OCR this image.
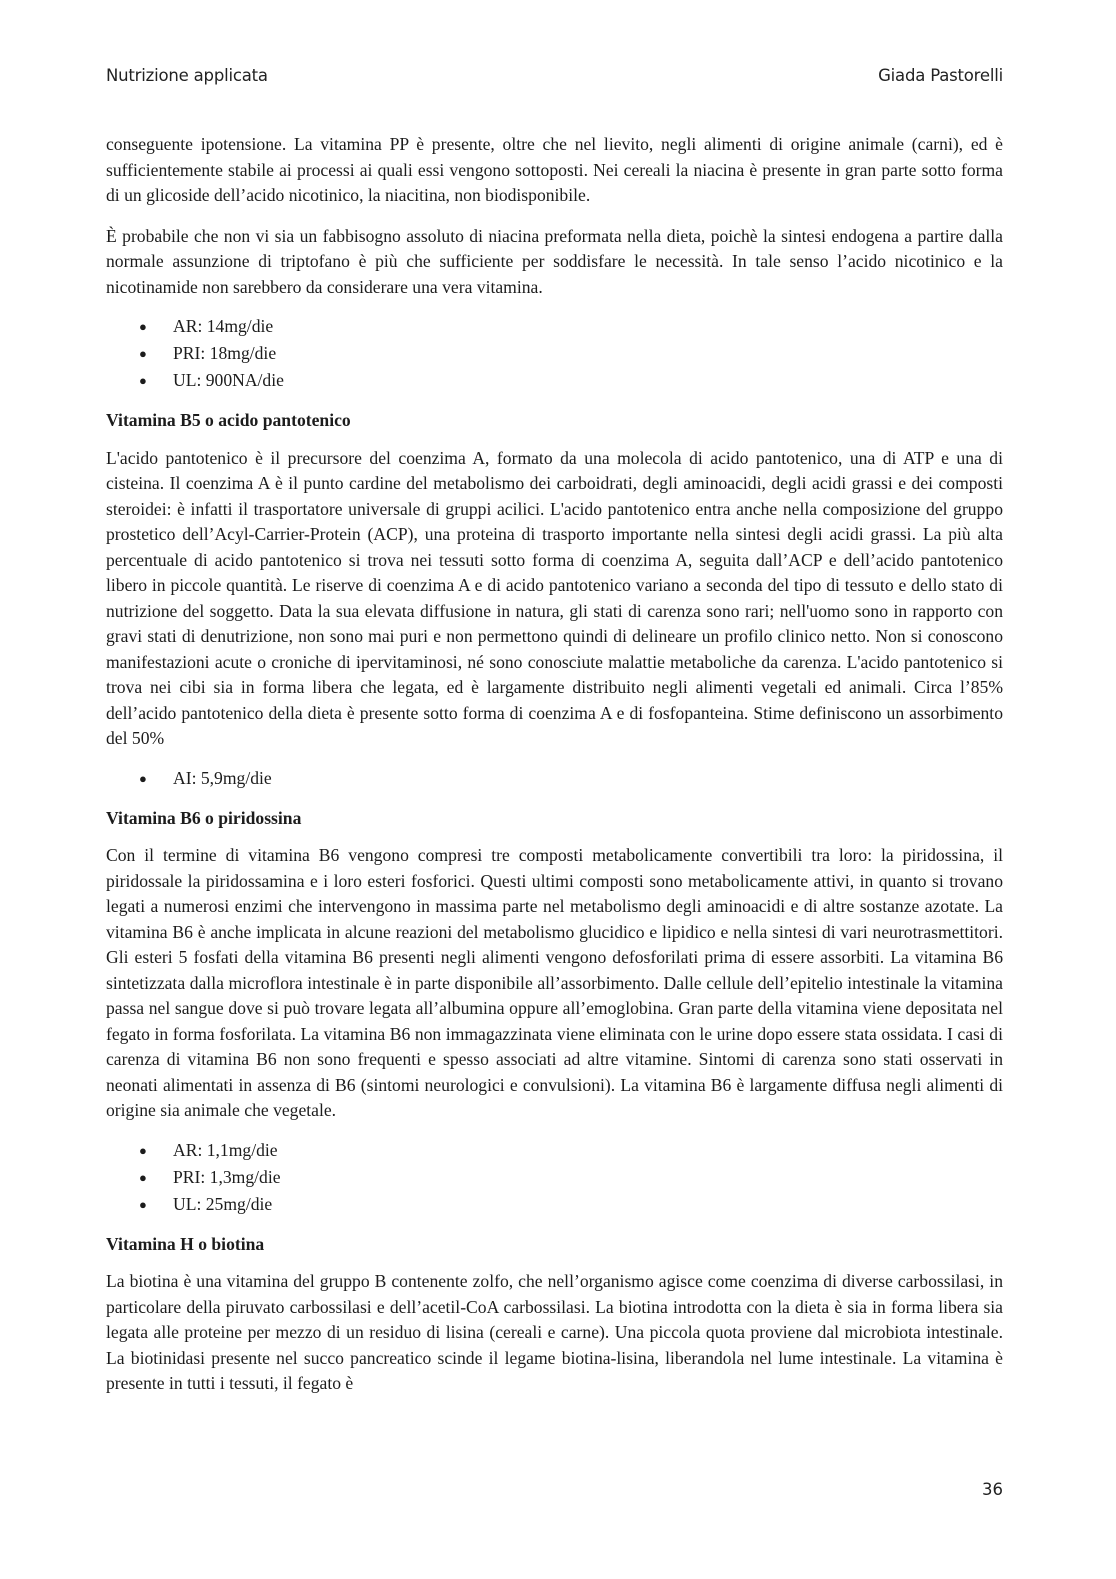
Nutrizione applicata	Giada Pastorelli

conseguente ipotensione. La vitamina PP è presente, oltre che nel lievito, negli alimenti di origine animale (carni), ed è sufficientemente stabile ai processi ai quali essi vengono sottoposti. Nei cereali la niacina è presente in gran parte sotto forma di un glicoside dell’acido nicotinico, la niacitina, non biodisponibile.

È probabile che non vi sia un fabbisogno assoluto di niacina preformata nella dieta, poichè la sintesi endogena a partire dalla normale assunzione di triptofano è più che sufficiente per soddisfare le necessità. In tale senso l’acido nicotinico e la nicotinamide non sarebbero da considerare una vera vitamina.

● AR: 14mg/die
● PRI: 18mg/die
● UL: 900NA/die
Vitamina B5 o acido pantotenico

L'acido pantotenico è il precursore del coenzima A, formato da una molecola di acido pantotenico, una di ATP e una di cisteina. Il coenzima A è il punto cardine del metabolismo dei carboidrati, degli aminoacidi, degli acidi grassi e dei composti steroidei: è infatti il trasportatore universale di gruppi acilici. L'acido pantotenico entra anche nella composizione del gruppo prostetico dell’Acyl-Carrier-Protein (ACP), una proteina di trasporto importante nella sintesi degli acidi grassi. La più alta percentuale di acido pantotenico si trova nei tessuti sotto forma di coenzima A, seguita dall’ACP e dell’acido pantotenico libero in piccole quantità. Le riserve di coenzima A e di acido pantotenico variano a seconda del tipo di tessuto e dello stato di nutrizione del soggetto. Data la sua elevata diffusione in natura, gli stati di carenza sono rari; nell'uomo sono in rapporto con gravi stati di denutrizione, non sono mai puri e non permettono quindi di delineare un profilo clinico netto. Non si conoscono manifestazioni acute o croniche di ipervitaminosi, né sono conosciute malattie metaboliche da carenza. L'acido pantotenico si trova nei cibi sia in forma libera che legata, ed è largamente distribuito negli alimenti vegetali ed animali. Circa l’85% dell’acido pantotenico della dieta è presente sotto forma di coenzima A e di fosfopanteina. Stime definiscono un assorbimento del 50%

● AI: 5,9mg/die
Vitamina B6 o piridossina

Con il termine di vitamina B6 vengono compresi tre composti metabolicamente convertibili tra loro: la piridossina, il piridossale la piridossamina e i loro esteri fosforici. Questi ultimi composti sono metabolicamente attivi, in quanto si trovano legati a numerosi enzimi che intervengono in massima parte nel metabolismo degli aminoacidi e di altre sostanze azotate. La vitamina B6 è anche implicata in alcune reazioni del metabolismo glucidico e lipidico e nella sintesi di vari neurotrasmettitori. Gli esteri 5 fosfati della vitamina B6 presenti negli alimenti vengono defosforilati prima di essere assorbiti. La vitamina B6 sintetizzata dalla microflora intestinale è in parte disponibile all’assorbimento. Dalle cellule dell’epitelio intestinale la vitamina passa nel sangue dove si può trovare legata all’albumina oppure all’emoglobina. Gran parte della vitamina viene depositata nel fegato in forma fosforilata. La vitamina B6 non immagazzinata viene eliminata con le urine dopo essere stata ossidata. I casi di carenza di vitamina B6 non sono frequenti e spesso associati ad altre vitamine. Sintomi di carenza sono stati osservati in neonati alimentati in assenza di B6 (sintomi neurologici e convulsioni). La vitamina B6 è largamente diffusa negli alimenti di origine sia animale che vegetale.

● AR: 1,1mg/die
● PRI: 1,3mg/die
● UL: 25mg/die
Vitamina H o biotina

La biotina è una vitamina del gruppo B contenente zolfo, che nell’organismo agisce come coenzima di diverse carbossilasi, in particolare della piruvato carbossilasi e dell’acetil-CoA carbossilasi. La biotina introdotta con la dieta è sia in forma libera sia legata alle proteine per mezzo di un residuo di lisina (cereali e carne). Una piccola quota proviene dal microbiota intestinale. La biotinidasi presente nel succo pancreatico scinde il legame biotina-lisina, liberandola nel lume intestinale. La vitamina è presente in tutti i tessuti, il fegato è

36
